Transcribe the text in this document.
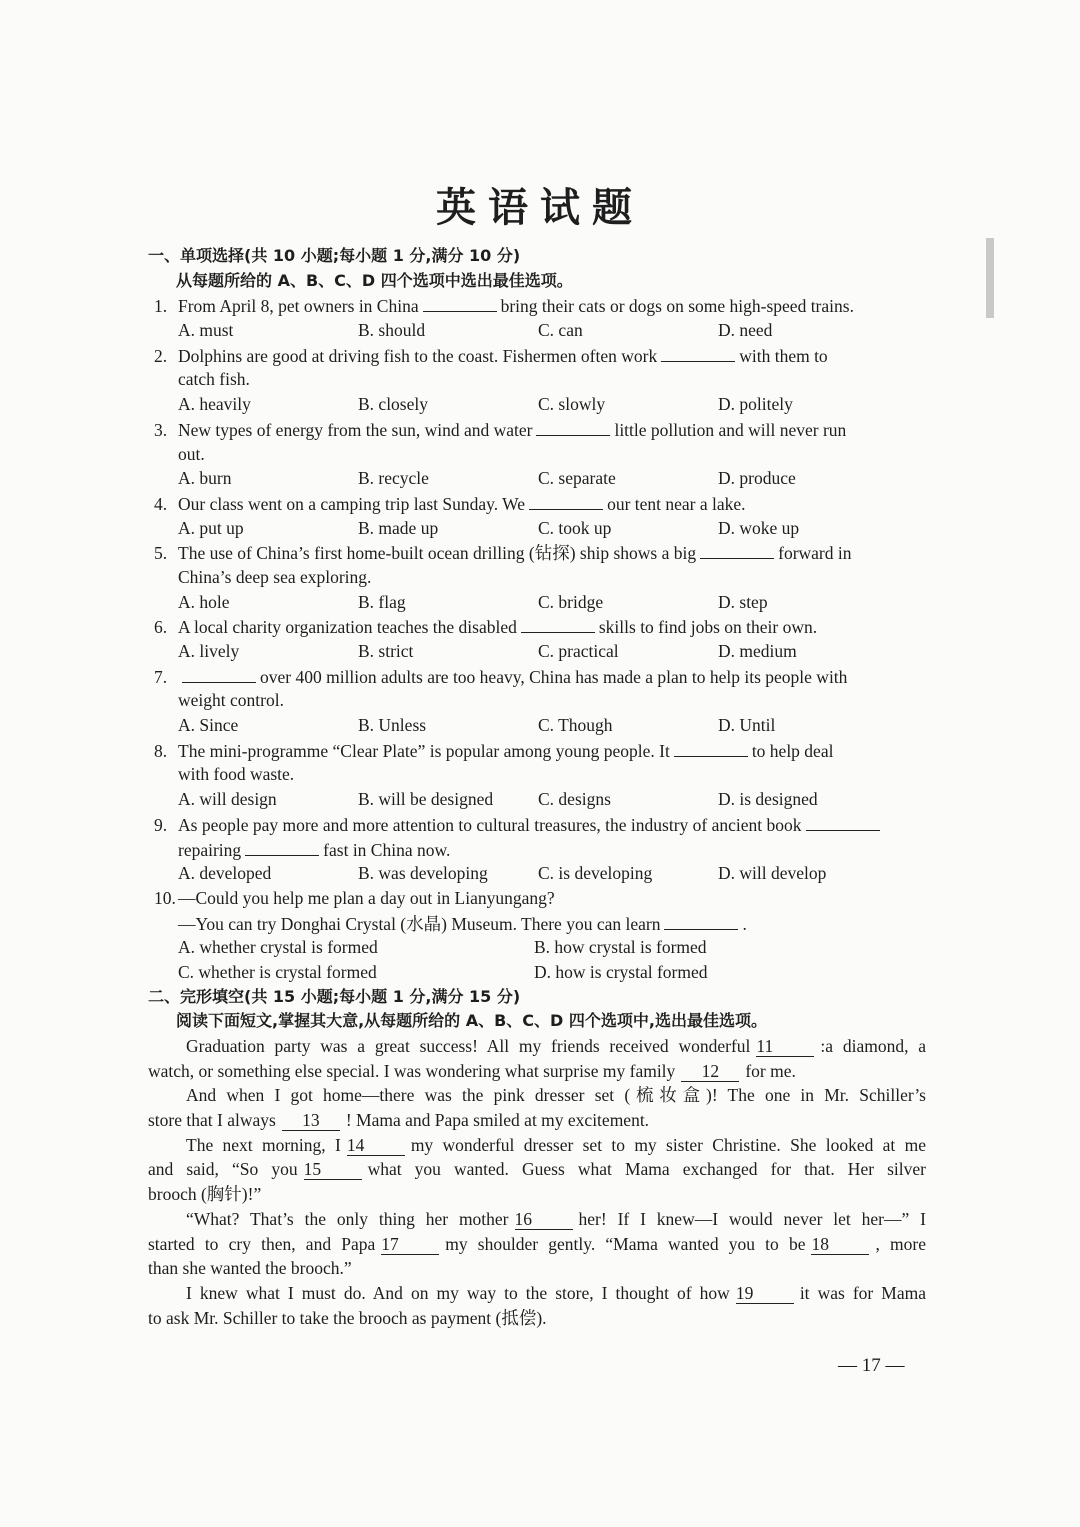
英语试题
一、单项选择(共 10 小题;每小题 1 分,满分 10 分)
从每题所给的 A、B、C、D 四个选项中选出最佳选项。
1. From April 8, pet owners in China	bring their cats or dogs on some high-speed trains.
A. must	B. should	C. can	D. need
2. Dolphins are good at driving fish to the coast. Fishermen often work	with them to
catch fish.
A. heavily	B. closely	C. slowly	D. politely
3. New types of energy from the sun, wind and water	little pollution and will never run
out.
A. burn	B. recycle	C. separate	D. produce
4. Our class went on a camping trip last Sunday. We	our tent near a lake.
A. put up	B. made up	C. took up	D. woke up
5. The use of China’s first home-built ocean drilling (钻探) ship shows a big	forward in
China’s deep sea exploring.
A. hole	B. flag	C. bridge	D. step
6. A local charity organization teaches the disabled	skills to find jobs on their own.
A. lively	B. strict	C. practical	D. medium
7.	over 400 million adults are too heavy, China has made a plan to help its people with
weight control.
A. Since	B. Unless	C. Though	D. Until
8. The mini-programme “Clear Plate” is popular among young people. It	to help deal
with food waste.
A. will design	B. will be designed	C. designs	D. is designed
9. As people pay more and more attention to cultural treasures, the industry of ancient book
repairing	fast in China now.
A. developed	B. was developing	C. is developing	D. will develop
10. —Could you help me plan a day out in Lianyungang?
—You can try Donghai Crystal (水晶) Museum. There you can learn	.
A. whether crystal is formed	B. how crystal is formed
C. whether is crystal formed	D. how is crystal formed
二、完形填空(共 15 小题;每小题 1 分,满分 15 分)
阅读下面短文,掌握其大意,从每题所给的 A、B、C、D 四个选项中,选出最佳选项。
Graduation party was a great success! All my friends received wonderful 11	:a diamond, a
watch, or something else special. I was wondering what surprise my family 12 for me.
And when I got home—there was the pink dresser set (梳妆盒)! The one in Mr. Schiller’s
store that I always 13 ! Mama and Papa smiled at my excitement.
The next morning, I 14	my wonderful dresser set to my sister Christine. She looked at me
and said, “So you 15	what you wanted. Guess what Mama exchanged for that. Her silver
brooch (胸针)!”
“What? That’s the only thing her mother 16	her! If I knew—I would never let her—” I
started to cry then, and Papa 17	my shoulder gently. “Mama wanted you to be 18	, more
than she wanted the brooch.”
I knew what I must do. And on my way to the store, I thought of how 19	it was for Mama
to ask Mr. Schiller to take the brooch as payment (抵偿).
— 17 —
